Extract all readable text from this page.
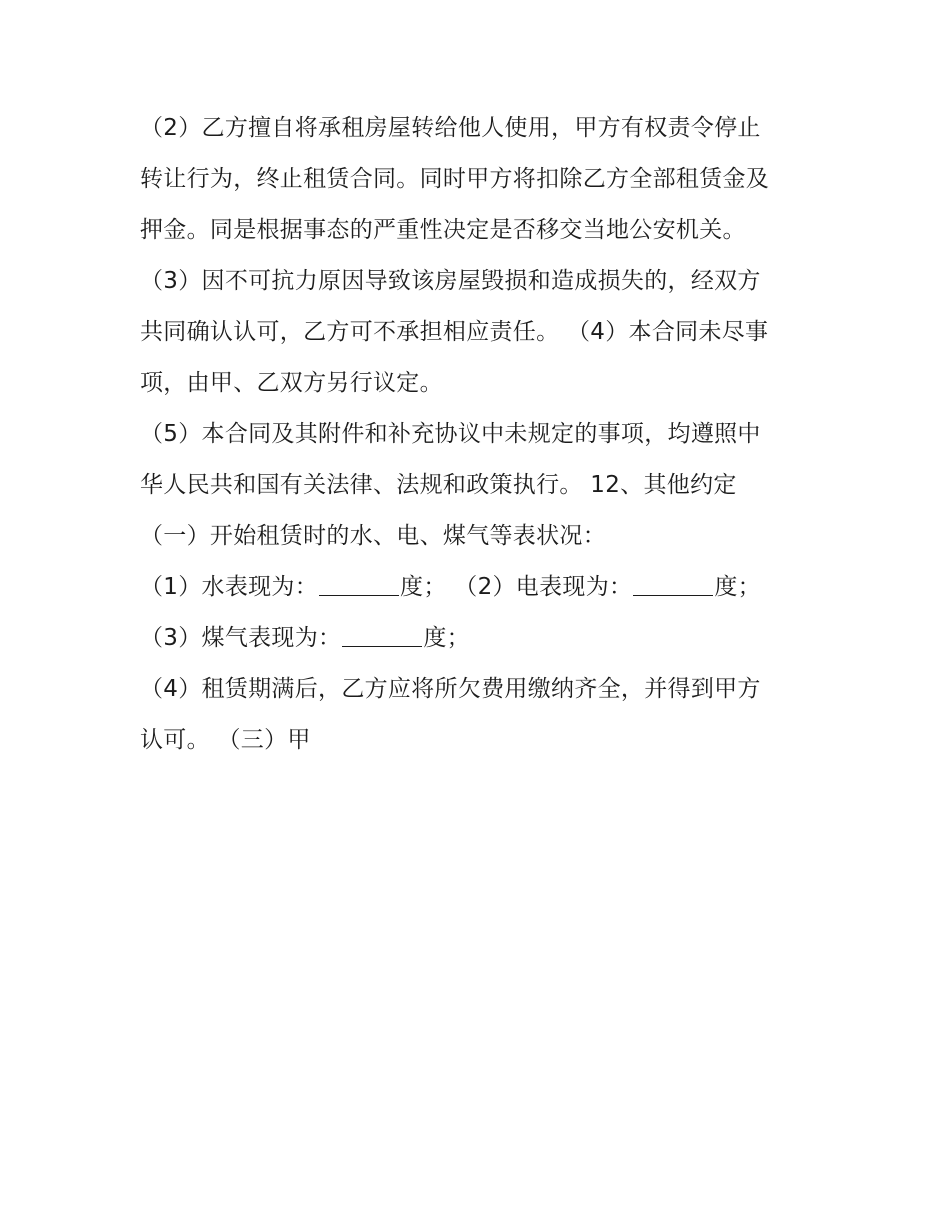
（2）乙方擅自将承租房屋转给他人使用，甲方有权责令停止
转让行为，终止租赁合同。同时甲方将扣除乙方全部租赁金及
押金。同是根据事态的严重性决定是否移交当地公安机关。
（3）因不可抗力原因导致该房屋毁损和造成损失的，经双方
共同确认认可，乙方可不承担相应责任。 （4）本合同未尽事
项，由甲、乙双方另行议定。
（5）本合同及其附件和补充协议中未规定的事项，均遵照中
华人民共和国有关法律、法规和政策执行。 12、其他约定
（一）开始租赁时的水、电、煤气等表状况：
（1）水表现为：	度； （2）电表现为：	度；
（3）煤气表现为：	度；
（4）租赁期满后，乙方应将所欠费用缴纳齐全，并得到甲方
认可。 （三）甲
